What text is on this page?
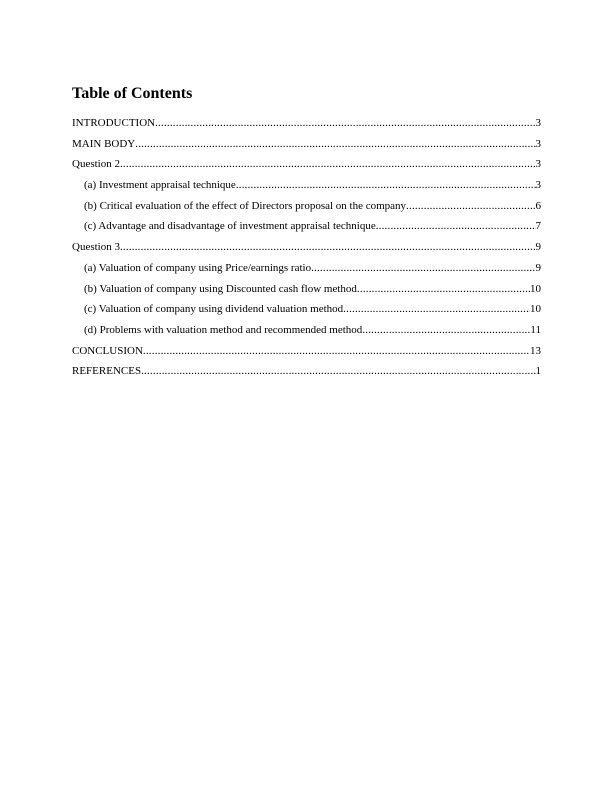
Table of Contents
INTRODUCTION .....	3
MAIN BODY .....	3
Question 2 .....	3
(a) Investment appraisal technique .....	3
(b) Critical evaluation of the effect of Directors proposal on the company .....	6
(c) Advantage and disadvantage of investment appraisal technique .....	7
Question 3 .....	9
(a) Valuation of company using Price/earnings ratio .....	9
(b) Valuation of company using Discounted cash flow method .....	10
(c) Valuation of company using dividend valuation method .....	10
(d) Problems with valuation method and recommended method .....	11
CONCLUSION .....	13
REFERENCES .....	1
